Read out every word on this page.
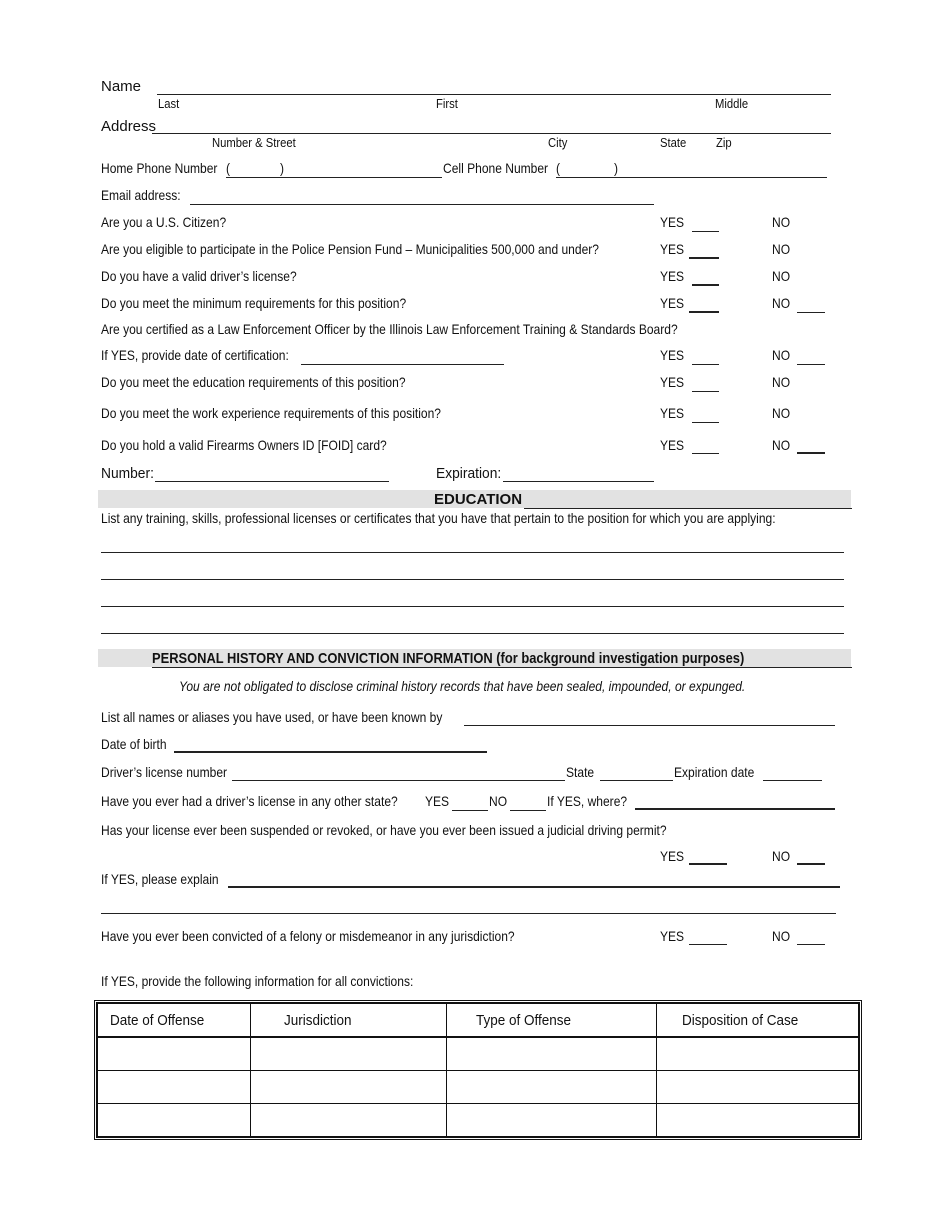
Name
Last	First	Middle
Address
Number & Street	City	State Zip
Home Phone Number (	)	Cell Phone Number (	)
Email address:
Are you a U.S. Citizen?	YES	NO
Are you eligible to participate in the Police Pension Fund – Municipalities 500,000 and under?	YES	NO
Do you have a valid driver’s license?	YES	NO
Do you meet the minimum requirements for this position?	YES	NO
Are you certified as a Law Enforcement Officer by the Illinois Law Enforcement Training & Standards Board?
If YES, provide date of certification:	YES	NO
Do you meet the education requirements of this position?	YES	NO
Do you meet the work experience requirements of this position?	YES	NO
Do you hold a valid Firearms Owners ID [FOID] card?	YES	NO
Number:	Expiration:
EDUCATION
List any training, skills, professional licenses or certificates that you have that pertain to the position for which you are applying:
PERSONAL HISTORY AND CONVICTION INFORMATION (for background investigation purposes)
You are not obligated to disclose criminal history records that have been sealed, impounded, or expunged.
List all names or aliases you have used, or have been known by
Date of birth
Driver’s license number	State	Expiration date
Have you ever had a driver’s license in any other state? YES	NO	If YES, where?
Has your license ever been suspended or revoked, or have you ever been issued a judicial driving permit?
YES	NO
If YES, please explain
Have you ever been convicted of a felony or misdemeanor in any jurisdiction?	YES	NO
If YES, provide the following information for all convictions:
Date of Offense	Jurisdiction	Type of Offense	Disposition of Case
